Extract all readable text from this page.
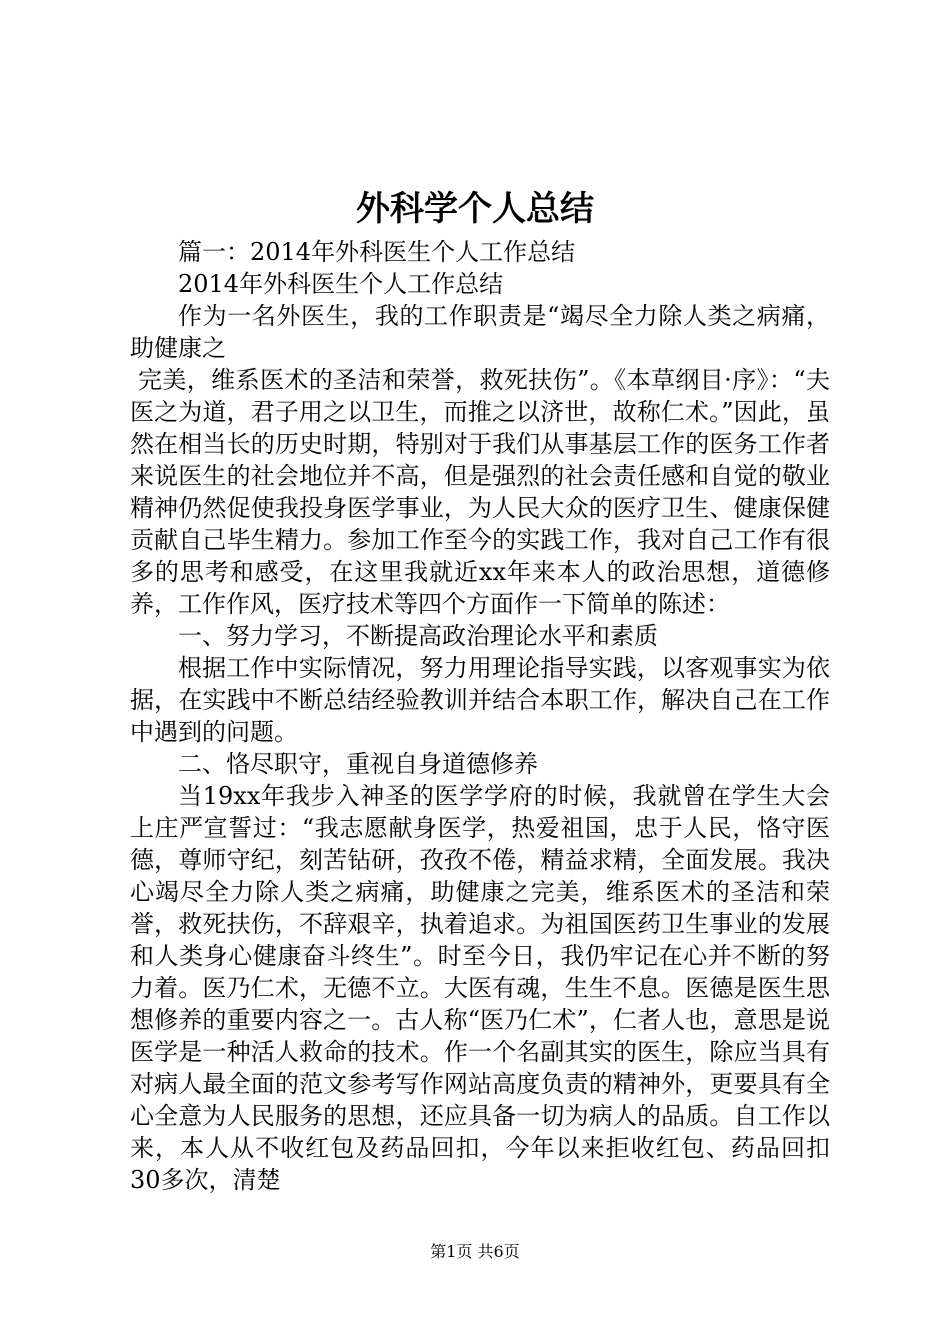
外科学个人总结

篇一：2014年外科医生个人工作总结

2014年外科医生个人工作总结

作为一名外医生，我的工作职责是“竭尽全力除人类之病痛，助健康之

完美，维系医术的圣洁和荣誉，救死扶伤”。《本草纲目·序》：“夫医之为道，君子用之以卫生，而推之以济世，故称仁术。”因此，虽然在相当长的历史时期，特别对于我们从事基层工作的医务工作者来说医生的社会地位并不高，但是强烈的社会责任感和自觉的敬业精神仍然促使我投身医学事业，为人民大众的医疗卫生、健康保健贡献自己毕生精力。参加工作至今的实践工作，我对自己工作有很多的思考和感受，在这里我就近xx年来本人的政治思想，道德修养，工作作风，医疗技术等四个方面作一下简单的陈述：

一、努力学习，不断提高政治理论水平和素质

根据工作中实际情况，努力用理论指导实践，以客观事实为依据，在实践中不断总结经验教训并结合本职工作，解决自己在工作中遇到的问题。

二、恪尽职守，重视自身道德修养

当19xx年我步入神圣的医学学府的时候，我就曾在学生大会上庄严宣誓过：“我志愿献身医学，热爱祖国，忠于人民，恪守医德，尊师守纪，刻苦钻研，孜孜不倦，精益求精，全面发展。我决心竭尽全力除人类之病痛，助健康之完美，维系医术的圣洁和荣誉，救死扶伤，不辞艰辛，执着追求。为祖国医药卫生事业的发展和人类身心健康奋斗终生”。时至今日，我仍牢记在心并不断的努力着。医乃仁术，无德不立。大医有魂，生生不息。医德是医生思想修养的重要内容之一。古人称“医乃仁术”，仁者人也，意思是说医学是一种活人救命的技术。作一个名副其实的医生，除应当具有对病人最全面的范文参考写作网站高度负责的精神外，更要具有全心全意为人民服务的思想，还应具备一切为病人的品质。自工作以来，本人从不收红包及药品回扣，今年以来拒收红包、药品回扣30多次，清楚

第1页 共6页
